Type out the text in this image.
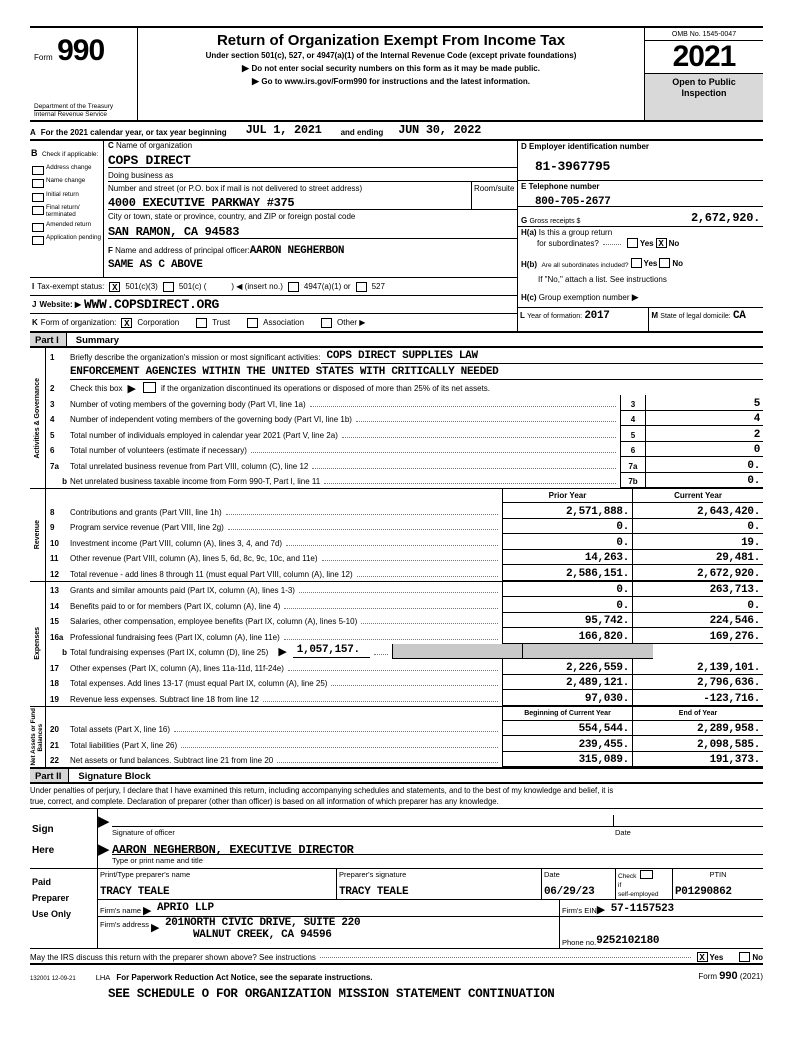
Form 990
Department of the Treasury
Internal Revenue Service
Return of Organization Exempt From Income Tax
Under section 501(c), 527, or 4947(a)(1) of the Internal Revenue Code (except private foundations)
▶ Do not enter social security numbers on this form as it may be made public.
▶ Go to www.irs.gov/Form990 for instructions and the latest information.
OMB No. 1545-0047
2021
Open to Public
Inspection
A For the 2021 calendar year, or tax year beginning JUL 1, 2021 and ending JUN 30, 2022
B Check if applicable:
Address change
Name change
Initial return
Final return/ terminated
Amended return
Application pending
C Name of organization
COPS DIRECT
Doing business as
Number and street (or P.O. box if mail is not delivered to street address)
4000 EXECUTIVE PARKWAY #375
Room/suite
City or town, state or province, country, and ZIP or foreign postal code
SAN RAMON, CA 94583
F Name and address of principal officer:AARON NEGHERBON
SAME AS C ABOVE
I Tax-exempt status: X 501(c)(3)	501(c) (	) ◀ (insert no.)	4947(a)(1) or	527
J Website: ▶ WWW.COPSDIRECT.ORG
K Form of organization: X Corporation	Trust	Association	Other ▶
D Employer identification number
81-3967795
E Telephone number
800-705-2677
G Gross receipts $	2,672,920.
H(a) Is this a group return
for subordinates?	Yes X No
H(b) Are all subordinates included? Yes No
If "No," attach a list. See instructions
H(c) Group exemption number ▶
L Year of formation: 2017	M State of legal domicile: CA
Part I	Summary
Activities & Governance
1	Briefly describe the organization's mission or most significant activities: COPS DIRECT SUPPLIES LAW
ENFORCEMENT AGENCIES WITHIN THE UNITED STATES WITH CRITICALLY NEEDED
2	Check this box ▶	if the organization discontinued its operations or disposed of more than 25% of its net assets.
3	Number of voting members of the governing body (Part VI, line 1a)	3	5
4	Number of independent voting members of the governing body (Part VI, line 1b)	4	4
5	Total number of individuals employed in calendar year 2021 (Part V, line 2a)	5	2
6	Total number of volunteers (estimate if necessary)	6	0
7a	Total unrelated business revenue from Part VIII, column (C), line 12	7a	0.
b Net unrelated business taxable income from Form 990-T, Part I, line 11	7b	0.
Revenue
Prior Year	Current Year
8	Contributions and grants (Part VIII, line 1h)	2,571,888.	2,643,420.
9	Program service revenue (Part VIII, line 2g)	0.	0.
10	Investment income (Part VIII, column (A), lines 3, 4, and 7d)	0.	19.
11	Other revenue (Part VIII, column (A), lines 5, 6d, 8c, 9c, 10c, and 11e)	14,263.	29,481.
12	Total revenue - add lines 8 through 11 (must equal Part VIII, column (A), line 12)	2,586,151.	2,672,920.
Expenses
13	Grants and similar amounts paid (Part IX, column (A), lines 1-3)	0.	263,713.
14	Benefits paid to or for members (Part IX, column (A), line 4)	0.	0.
15	Salaries, other compensation, employee benefits (Part IX, column (A), lines 5-10)	95,742.	224,546.
16a Professional fundraising fees (Part IX, column (A), line 11e)	166,820.	169,276.
b Total fundraising expenses (Part IX, column (D), line 25) ▶ 1,057,157.
17	Other expenses (Part IX, column (A), lines 11a-11d, 11f-24e)	2,226,559.	2,139,101.
18	Total expenses. Add lines 13-17 (must equal Part IX, column (A), line 25)	2,489,121.	2,796,636.
19	Revenue less expenses. Subtract line 18 from line 12	97,030.	-123,716.
Net Assets or Fund Balances
Beginning of Current Year	End of Year
20	Total assets (Part X, line 16)	554,544.	2,289,958.
21	Total liabilities (Part X, line 26)	239,455.	2,098,585.
22	Net assets or fund balances. Subtract line 21 from line 20	315,089.	191,373.
Part II	Signature Block
Under penalties of perjury, I declare that I have examined this return, including accompanying schedules and statements, and to the best of my knowledge and belief, it is
true, correct, and complete. Declaration of preparer (other than officer) is based on all information of which preparer has any knowledge.
Sign
Here
▶
Signature of officer	Date
▶ AARON NEGHERBON, EXECUTIVE DIRECTOR
Type or print name and title
Paid
Preparer
Use Only
Print/Type preparer's name
TRACY TEALE
Preparer's signature
TRACY TEALE
Date
06/29/23
Check
if
self-employed
PTIN
P01290862
Firm's name ▶ APRIO LLP	Firm's EIN ▶ 57-1157523
Firm's address ▶ 201NORTH CIVIC DRIVE, SUITE 220
WALNUT CREEK, CA 94596
Phone no. 9252102180
May the IRS discuss this return with the preparer shown above? See instructions	X Yes	No
132001 12-09-21	LHA For Paperwork Reduction Act Notice, see the separate instructions.	Form 990 (2021)
SEE SCHEDULE O FOR ORGANIZATION MISSION STATEMENT CONTINUATION
